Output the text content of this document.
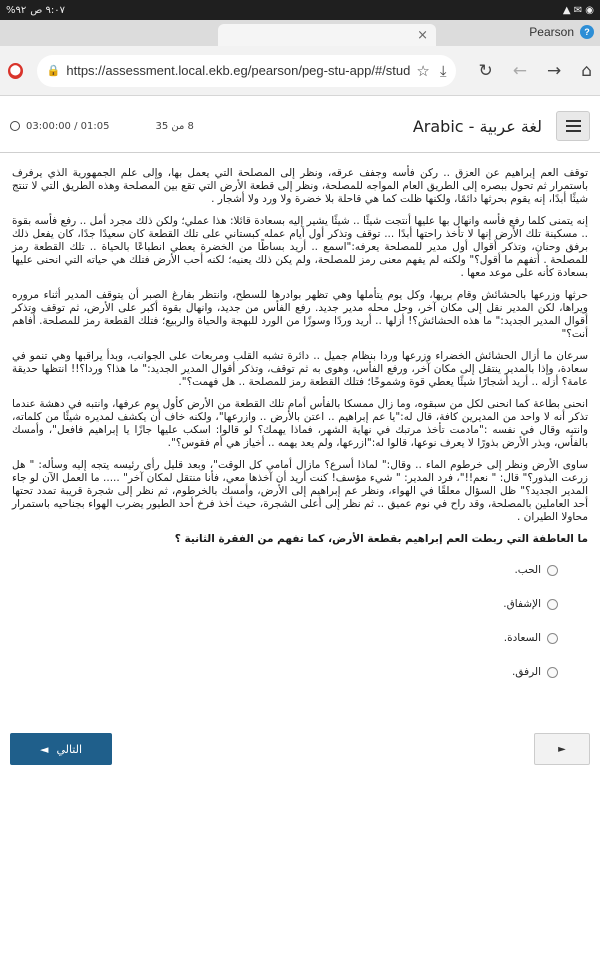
٩:٠٧ ص
٩٢%	▲ ✉ ◉
×	Pearson	?
⬤ 🔒 https://assessment.local.ekb.eg/pearson/peg-stu-app/#/stud ☆ ⤓ ↻ ← → ⌂
03:00:00 / 01:05	8 من 35	Arabic - لغة عربية

توقف العم إبراهيم عن العزق .. ركن فأسه وجفف عرقه، ونظر إلى المصلحة التي يعمل بها، وإلى علم الجمهورية الذي يرفرف باستمرار ثم تحول ببصره إلى الطريق العام المواجه للمصلحة، ونظر إلى قطعة الأرض التي تقع بين المصلحة وهذه الطريق التي لا تنتج شيئًا أبدًا، إنه يقوم بحرثها دائمًا، ولكنها ظلت كما هي قاحلة بلا خضرة ولا ورد ولا أشجار .

إنه يتمنى كلما رفع فأسه وانهال بها عليها أنتجت شيئًا .. شيئًا يشير إليه بسعادة قائلا: هذا عملي؛ ولكن ذلك مجرد أمل .. رفع فأسه بقوة .. مسكينة تلك الأرض إنها لا تأخذ راحتها أبدًا ... توقف وتذكر أول أيام عمله كبستاني على تلك القطعة كان سعيدًا جدًا، كان يفعل ذلك برفق وحنان، وتذكر أقوال أول مدير للمصلحة يعرفه:"اسمع .. أريد بساطًا من الخضرة يعطي انطباعًا بالحياة .. تلك القطعة رمز للمصلحة . أتفهم ما أقول؟" ولكنه لم يفهم معنى رمز للمصلحة، ولم يكن ذلك يعنيه؛ لكنه أحب الأرض فتلك هي حياته التي انحنى عليها بسعادة كأنه على موعد معها .

حرثها وزرعها بالحشائش وقام بريها، وكل يوم يتأملها وهي تظهر بوادرها للسطح، وانتظر بفارغ الصبر أن يتوقف المدير أثناء مروره ويراها، لكن المدير نقل إلى مكان آخر، وحل محله مدير جديد. رفع الفأس من جديد، وانهال بقوة أكبر على الأرض، ثم توقف وتذكر أقوال المدير الجديد:" ما هذه الحشائش؟! أزلها .. أريد وردًا وسوزًا من الورد للبهجة والحياة والربيع؛ فتلك القطعة رمز للمصلحة. أفاهم أنت؟"

سرعان ما أزال الحشائش الخضراء وزرعها وردا بنظام جميل .. دائرة تشبه القلب ومربعات على الجوانب، وبدأ يراقبها وهي تنمو في سعادة، وإذا بالمدير ينتقل إلى مكان آخر، ورفع الفأس، وهوى به ثم توقف، وتذكر أقوال المدير الجديد:" ما هذا؟ وردا؟!! انتظها حديقة عامة؟ أزله .. أريد أشجارًا شيئًا يعطي قوة وشموخًا؛ فتلك القطعة رمز للمصلحة .. هل فهمت؟".

انحنى بطاعة كما انحنى لكل من سبقوه، وما زال ممسكا بالفأس أمام تلك القطعة من الأرض كأول يوم عرفها، وانتبه في دهشة عندما تذكر أنه لا واحد من المديرين كافة، قال له:"يا عم إبراهيم .. اعتن بالأرض .. وازرعها"، ولكنه خاف أن يكشف لمديره شيئًا من كلماته، وانتبه وقال في نفسه :"مادمت تأخذ مرتبك في نهاية الشهر، فماذا يهمك؟ لو قالوا: اسكب عليها جازًا يا إبراهيم فافعل"، وأمسك بالفأس، وبذر الأرض بذورًا لا يعرف نوعها، قالوا له:"ازرعها، ولم يعد يهمه .. أخياز هي أم فقوس؟".

ساوى الأرض ونظر إلى خرطوم الماء .. وقال:" لماذا أسرع؟ مازال أمامي كل الوقت"، وبعد قليل رأى رئيسه يتجه إليه وسأله: " هل زرعت البذور؟" قال: " نعم!!"، فرد المدير: " شيء مؤسف! كنت أريد أن آخذها معي، فأنا منتقل لمكان آخر" ..... ما العمل الآن لو جاء المدير الجديد؟" ظل السؤال معلقًا في الهواء، ونظر عم إبراهيم إلى الأرض، وأمسك بالخرطوم، ثم نظر إلى شجرة قريبة تمدد تحتها أحد العاملين بالمصلحة، وقد راح في نوم عميق .. ثم نظر إلى أعلى الشجرة، حيث أخذ فرخ أحد الطيور يضرب الهواء بجناحيه باستمرار محاولا الطيران .

ما العاطفة التي ربطت العم إبراهيم بقطعة الأرض، كما تفهم من الفقرة الثانية ؟

الحب.
الإشفاق.
السعادة.
الرفق.
التالي
◄	►
